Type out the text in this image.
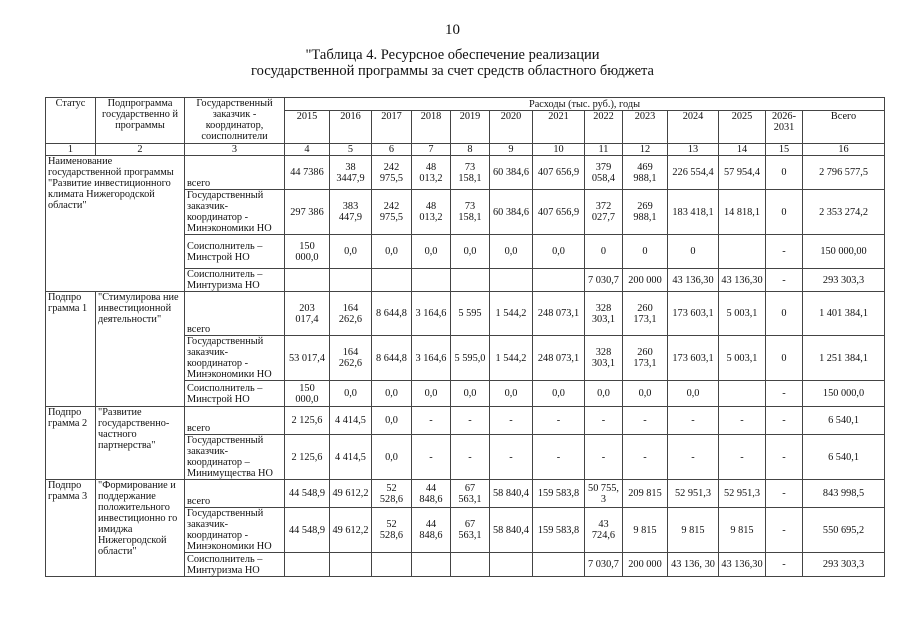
10
"Таблица 4. Ресурсное обеспечение реализации
государственной программы за счет средств областного бюджета
Статус	Подпрограмма государственно й программы	Государственный заказчик - координатор, соисполнители	Расходы (тыс. руб.), годы												
			2015	2016	2017	2018	2019	2020	2021	2022	2023	2024	2025	2026-2031	Всего
1	2	3	4	5	6	7	8	9	10	11	12	13	14	15	16
Наименование государственной программы "Развитие инвестиционного климата Нижегородской области"		всего	44 7386	38 3447,9	242 975,5	48 013,2	73 158,1	60 384,6	407 656,9	379 058,4	469 988,1	226 554,4	57 954,4	0	2 796 577,5
		Государственный заказчик-координатор - Минэкономики НО	297 386	383 447,9	242 975,5	48 013,2	73 158,1	60 384,6	407 656,9	372 027,7	269 988,1	183 418,1	14 818,1	0	2 353 274,2
		Соисполнитель – Минстрой НО	150 000,0	0,0	0,0	0,0	0,0	0,0	0,0	0	0	0		-	150 000,00
		Соисполнитель – Минтуризма НО								7 030,7	200 000	43 136,30	43 136,30	-	293 303,3
Подпро грамма 1	"Стимулирова ние инвестиционной деятельности"	всего	203 017,4	164 262,6	8 644,8	3 164,6	5 595	1 544,2	248 073,1	328 303,1	260 173,1	173 603,1	5 003,1	0	1 401 384,1
		Государственный заказчик-координатор - Минэкономики НО	53 017,4	164 262,6	8 644,8	3 164,6	5 595,0	1 544,2	248 073,1	328 303,1	260 173,1	173 603,1	5 003,1	0	1 251 384,1
		Соисполнитель – Минстрой НО	150 000,0	0,0	0,0	0,0	0,0	0,0	0,0	0,0	0,0	0,0		-	150 000,0
Подпро грамма 2	"Развитие государственно-частного партнерства"	всего	2 125,6	4 414,5	0,0	-	-	-	-	-	-	-	-	-	6 540,1
		Государственный заказчик-координатор – Минимущества НО	2 125,6	4 414,5	0,0	-	-	-	-	-	-	-	-	-	6 540,1
Подпро грамма 3	"Формирование и поддержание положительного инвестиционно го имиджа Нижегородской области"	всего	44 548,9	49 612,2	52 528,6	44 848,6	67 563,1	58 840,4	159 583,8	50 755, 3	209 815	52 951,3	52 951,3	-	843 998,5
		Государственный заказчик-координатор - Минэкономики НО	44 548,9	49 612,2	52 528,6	44 848,6	67 563,1	58 840,4	159 583,8	43 724,6	9 815	9 815	9 815	-	550 695,2
		Соисполнитель – Минтуризма НО								7 030,7	200 000	43 136, 30	43 136,30	-	293 303,3
